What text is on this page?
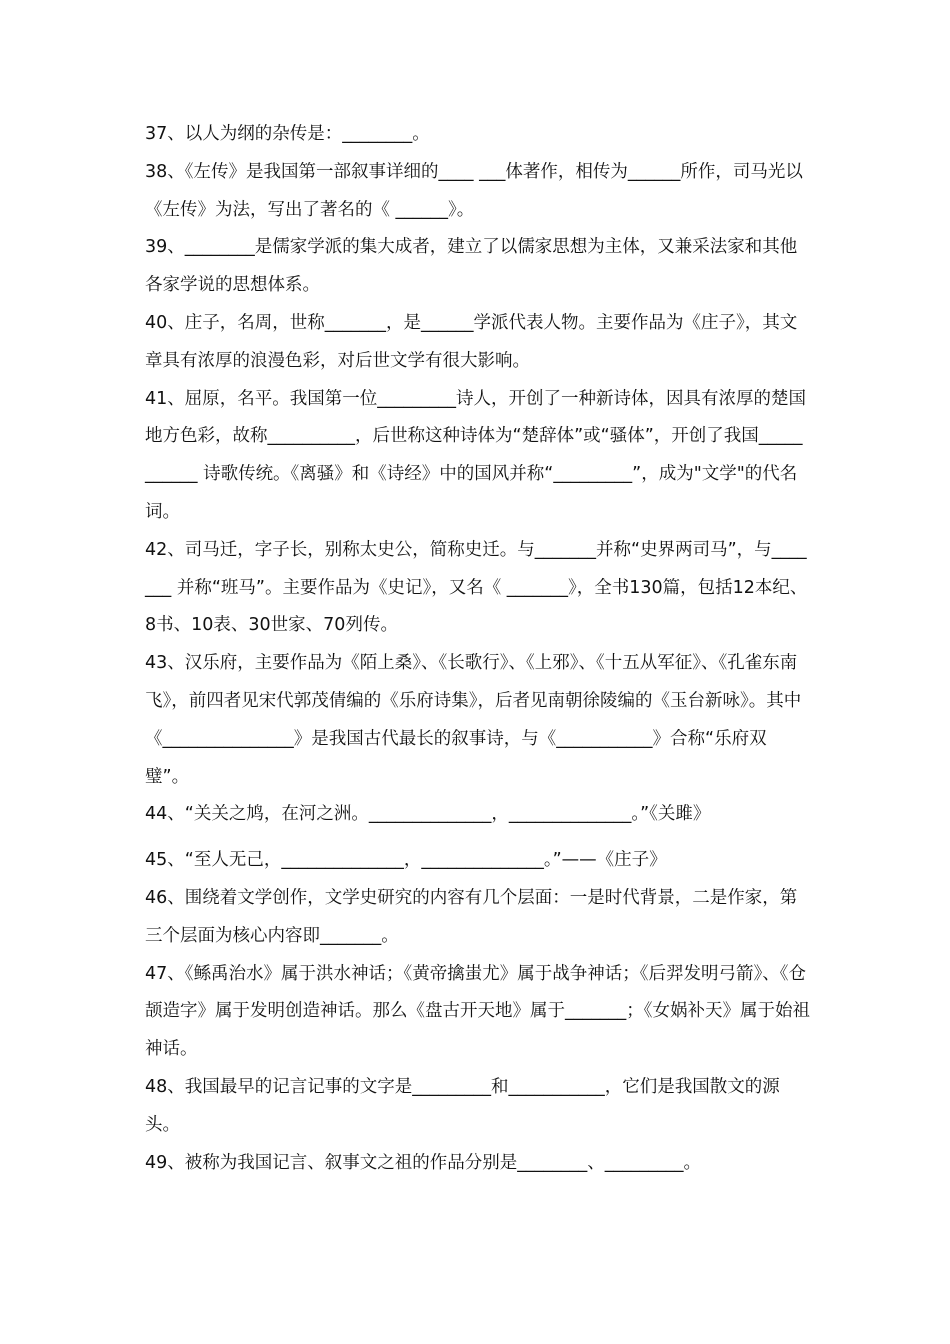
37、以人为纲的杂传是：________。

38、《左传》是我国第一部叙事详细的____ ___体著作，相传为______所作，司马光以《左传》为法，写出了著名的《 ______》。

39、________是儒家学派的集大成者，建立了以儒家思想为主体，又兼采法家和其他各家学说的思想体系。

40、庄子，名周，世称_______，是______学派代表人物。主要作品为《庄子》，其文章具有浓厚的浪漫色彩，对后世文学有很大影响。

41、屈原，名平。我国第一位_________诗人，开创了一种新诗体，因具有浓厚的楚国地方色彩，故称__________，后世称这种诗体为“楚辞体”或“骚体”，开创了我国___________ 诗歌传统。《离骚》和《诗经》中的国风并称“_________”，成为"文学"的代名词。

42、司马迁，字子长，别称太史公，简称史迁。与_______并称“史界两司马”，与_______ 并称“班马”。主要作品为《史记》，又名《 _______》，全书130篇，包括12本纪、8书、10表、30世家、70列传。

43、汉乐府，主要作品为《陌上桑》、《长歌行》、《上邪》、《十五从军征》、《孔雀东南飞》，前四者见宋代郭茂倩编的《乐府诗集》，后者见南朝徐陵编的《玉台新咏》。其中《_______________》是我国古代最长的叙事诗，与《___________》合称“乐府双璧”。

44、“关关之鸠，在河之洲。______________，______________。”《关雎》

45、“至人无己，______________，______________。”——《庄子》

46、围绕着文学创作，文学史研究的内容有几个层面：一是时代背景，二是作家，第三个层面为核心内容即_______。

47、《鲧禹治水》属于洪水神话；《黄帝擒蚩尤》属于战争神话；《后羿发明弓箭》、《仓颉造字》属于发明创造神话。那么《盘古开天地》属于_______；《女娲补天》属于始祖神话。

48、我国最早的记言记事的文字是_________和___________，它们是我国散文的源头。

49、被称为我国记言、叙事文之祖的作品分别是________、_________。
